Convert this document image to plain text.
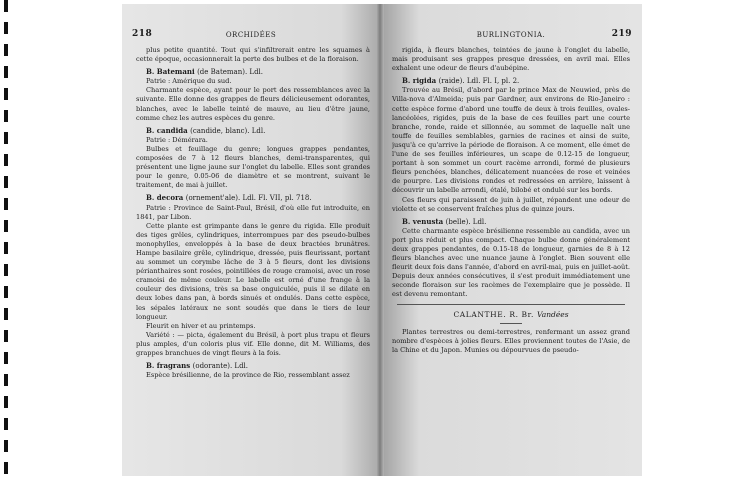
218	ORCHIDÉES

plus petite quantité. Tout qui s'infiltrerait entre les squames à cette époque, occasionnerait la perte des bulbes et de la floraison.

B. Batemani (de Bateman). Ldl.

Patrie : Amérique du sud.

Charmante espèce, ayant pour le port des ressemblances avec la suivante. Elle donne des grappes de fleurs délicieusement odorantes, blanches, avec le labelle teinté de mauve, au lieu d'être jaune, comme chez les autres espèces du genre.

B. candida (candide, blanc). Ldl.

Patrie : Démérara.

Bulbes et feuillage du genre; longues grappes pendantes, composées de 7 à 12 fleurs blanches, demi-transparentes, qui présentent une ligne jaune sur l'onglet du labelle. Elles sont grandes pour le genre, 0.05-06 de diamètre et se montrent, suivant le traitement, de mai à juillet.

B. decora (ornement'ale). Ldl. Fl. VII, pl. 718.

Patrie : Province de Saint-Paul, Brésil, d'où elle fut introduite, en 1841, par Libon.

Cette plante est grimpante dans le genre du rigida. Elle produit des tiges grêles, cylindriques, interrompues par des pseudo-bulbes monophylles, enveloppés à la base de deux bractées brunâtres. Hampe basilaire grêle, cylindrique, dressée, puis fleurissant, portant au sommet un corymbe lâche de 3 à 5 fleurs, dont les divisions périanthaires sont rosées, pointillées de rouge cramoisi, avec un rose cramoisi de même couleur. Le labelle est orné d'une frange à la couleur des divisions, très sa base onguiculée, puis il se dilate en deux lobes dans pan, à bords sinués et ondulés. Dans cette espèce, les sépales latéraux ne sont soudés que dans le tiers de leur longueur.

Fleurit en hiver et au printemps.

Variété : — picta, également du Brésil, à port plus trapu et fleurs plus amples, d'un coloris plus vif. Elle donne, dit M. Williams, des grappes branchues de vingt fleurs à la fois.

B. fragrans (odorante). Ldl.

Espèce brésilienne, de la province de Rio, ressemblant assez

BURLINGTONIA.	219

rigida, à fleurs blanches, teintées de jaune à l'onglet du labelle, mais produisant ses grappes presque dressées, en avril mai. Elles exhalent une odeur de fleurs d'aubépine.

B. rigida (raide). Ldl. Fl. I, pl. 2.

Trouvée au Brésil, d'abord par le prince Max de Neuwied, près de Villa-nova d'Almeida; puis par Gardner, aux environs de Rio-Janeiro : cette espèce forme d'abord une touffe de deux à trois feuilles, ovales-lancéolées, rigides, puis de la base de ces feuilles part une courte branche, ronde, raide et sillonnée, au sommet de laquelle naît une touffe de feuilles semblables, garnies de racines et ainsi de suite, jusqu'à ce qu'arrive la période de floraison. A ce moment, elle émet de l'une de ses feuilles inférieures, un scape de 0.12-15 de longueur, portant à son sommet un court racème arrondi, formé de plusieurs fleurs penchées, blanches, délicatement nuancées de rose et veinées de pourpre. Les divisions rondes et redressées en arrière, laissent à découvrir un labelle arrondi, étalé, bilobé et ondulé sur les bords.

Ces fleurs qui paraissent de juin à juillet, répandent une odeur de violette et se conservent fraîches plus de quinze jours.

B. venusta (belle). Ldl.

Cette charmante espèce brésilienne ressemble au candida, avec un port plus réduit et plus compact. Chaque bulbe donne généralement deux grappes pendantes, de 0.15-18 de longueur, garnies de 8 à 12 fleurs blanches avec une nuance jaune à l'onglet. Bien souvent elle fleurit deux fois dans l'année, d'abord en avril-mai, puis en juillet-août. Depuis deux années consécutives, il s'est produit immédiatement une seconde floraison sur les racèmes de l'exemplaire que je possède. Il est devenu remontant.

CALANTHE. R. Br. Vandées

Plantes terrestres ou demi-terrestres, renfermant un assez grand nombre d'espèces à jolies fleurs. Elles proviennent toutes de l'Asie, de la Chine et du Japon. Munies ou dépourvues de pseudo-
